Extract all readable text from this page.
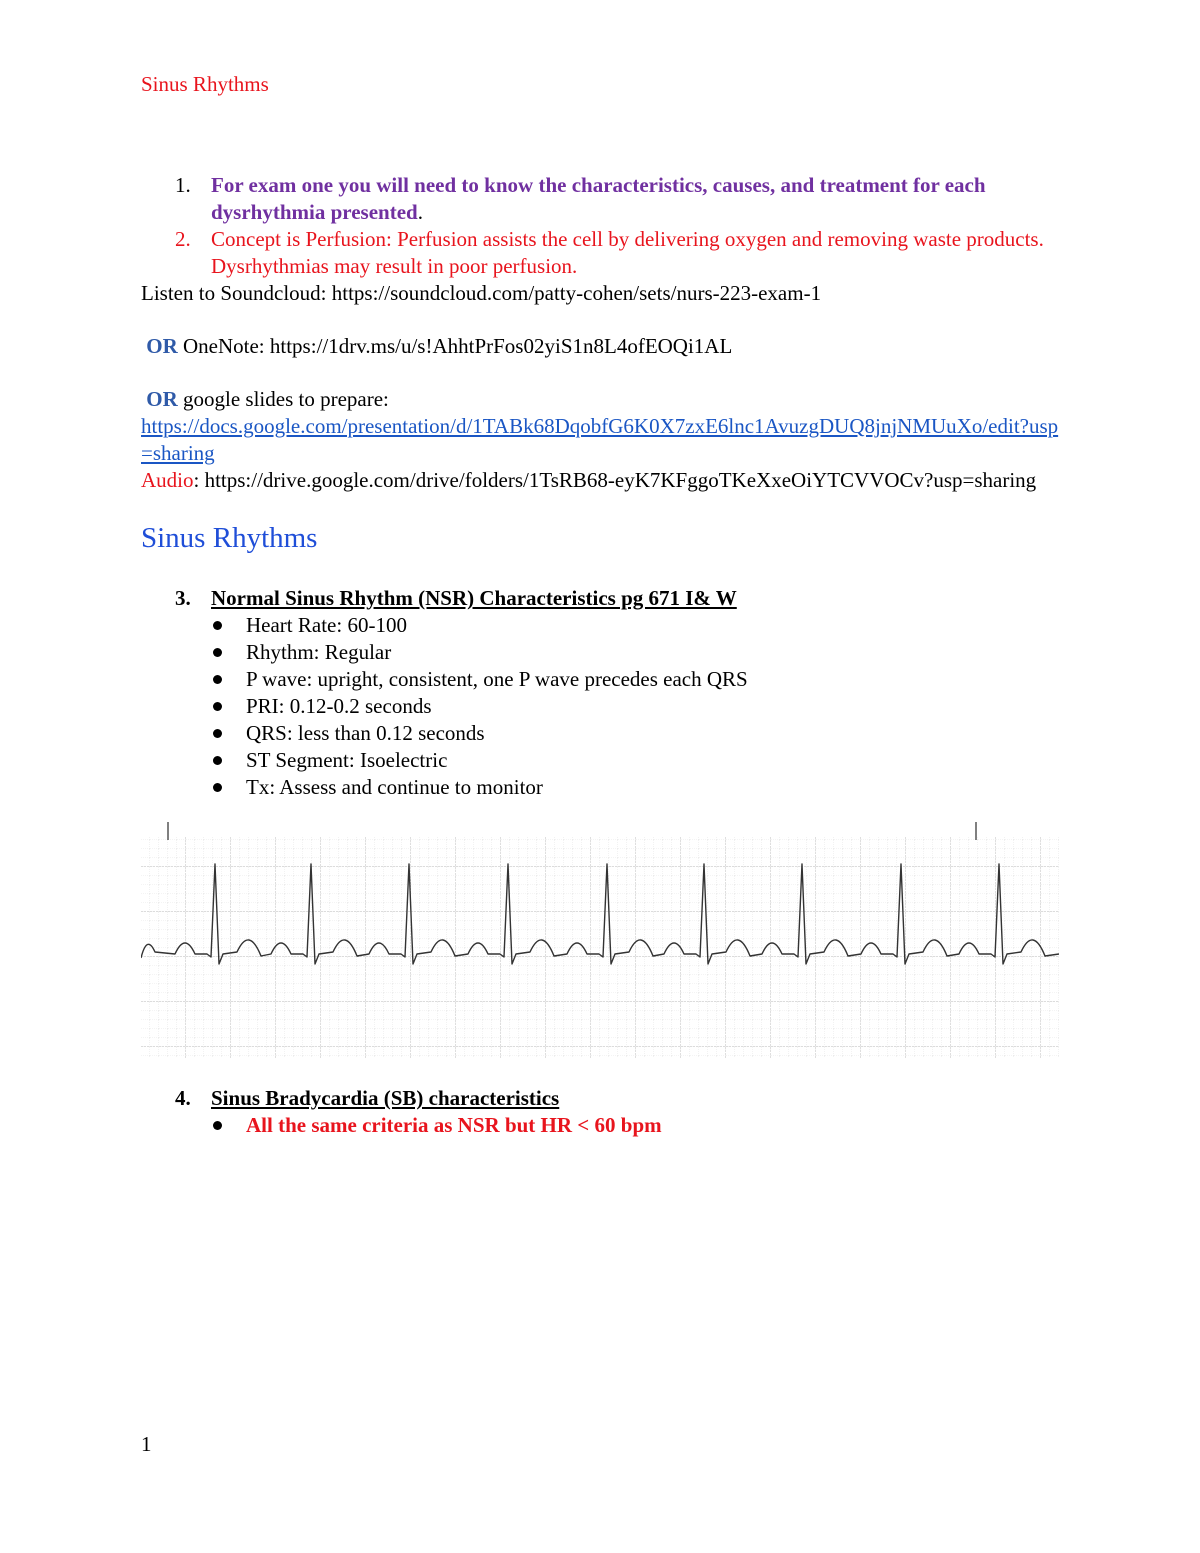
Sinus Rhythms
1. For exam one you will need to know the characteristics, causes, and treatment for each dysrhythmia presented.
2. Concept is Perfusion: Perfusion assists the cell by delivering oxygen and removing waste products. Dysrhythmias may result in poor perfusion.
Listen to Soundcloud: https://soundcloud.com/patty-cohen/sets/nurs-223-exam-1
OR OneNote: https://1drv.ms/u/s!AhhtPrFos02yiS1n8L4ofEOQi1AL
OR google slides to prepare:
https://docs.google.com/presentation/d/1TABk68DqobfG6K0X7zxE6lnc1AvuzgDUQ8jnjNMUuXo/edit?usp=sharing
Audio: https://drive.google.com/drive/folders/1TsRB68-eyK7KFggoTKeXxeOiYTCVVOCv?usp=sharing
Sinus Rhythms
3. Normal Sinus Rhythm (NSR) Characteristics pg 671 I& W
Heart Rate: 60-100
Rhythm: Regular
P wave: upright, consistent, one P wave precedes each QRS
PRI: 0.12-0.2 seconds
QRS: less than 0.12 seconds
ST Segment: Isoelectric
Tx: Assess and continue to monitor
4. Sinus Bradycardia (SB) characteristics
All the same criteria as NSR but HR < 60 bpm
1
